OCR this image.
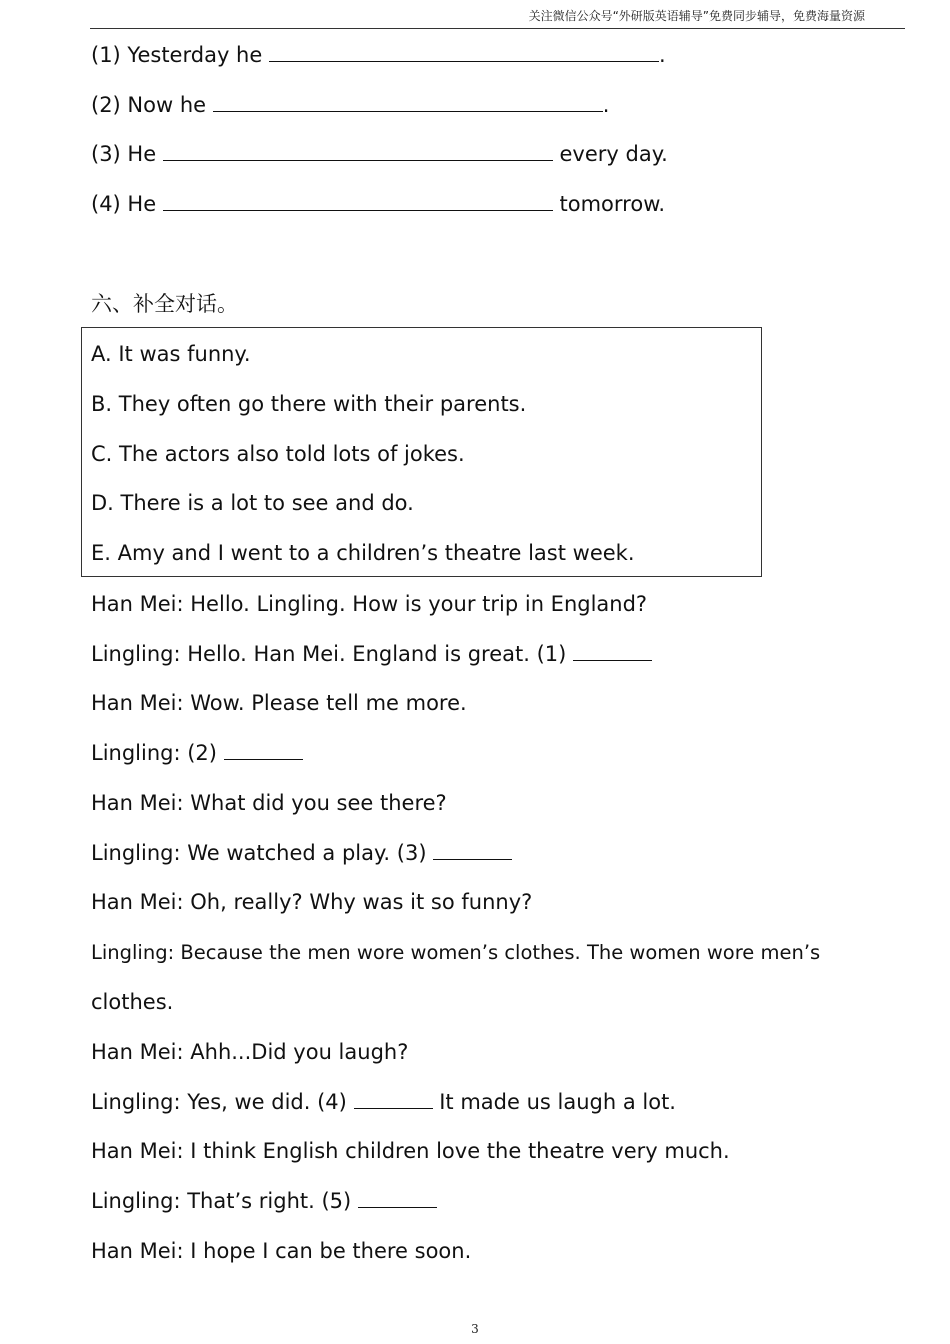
关注微信公众号“外研版英语辅导”免费同步辅导，免费海量资源
(1) Yesterday he	.
(2) Now he	.
(3) He	every day.
(4) He	tomorrow.
六、补全对话。
A. It was funny.
B. They often go there with their parents.
C. The actors also told lots of jokes.
D. There is a lot to see and do.
E. Amy and I went to a children’s theatre last week.
Han Mei: Hello. Lingling. How is your trip in England?
Lingling: Hello. Han Mei. England is great. (1)
Han Mei: Wow. Please tell me more.
Lingling: (2)
Han Mei: What did you see there?
Lingling: We watched a play. (3)
Han Mei: Oh, really? Why was it so funny?
Lingling: Because the men wore women’s clothes. The women wore men’s
clothes.
Han Mei: Ahh...Did you laugh?
Lingling: Yes, we did. (4)	It made us laugh a lot.
Han Mei: I think English children love the theatre very much.
Lingling: That’s right. (5)
Han Mei: I hope I can be there soon.
3
